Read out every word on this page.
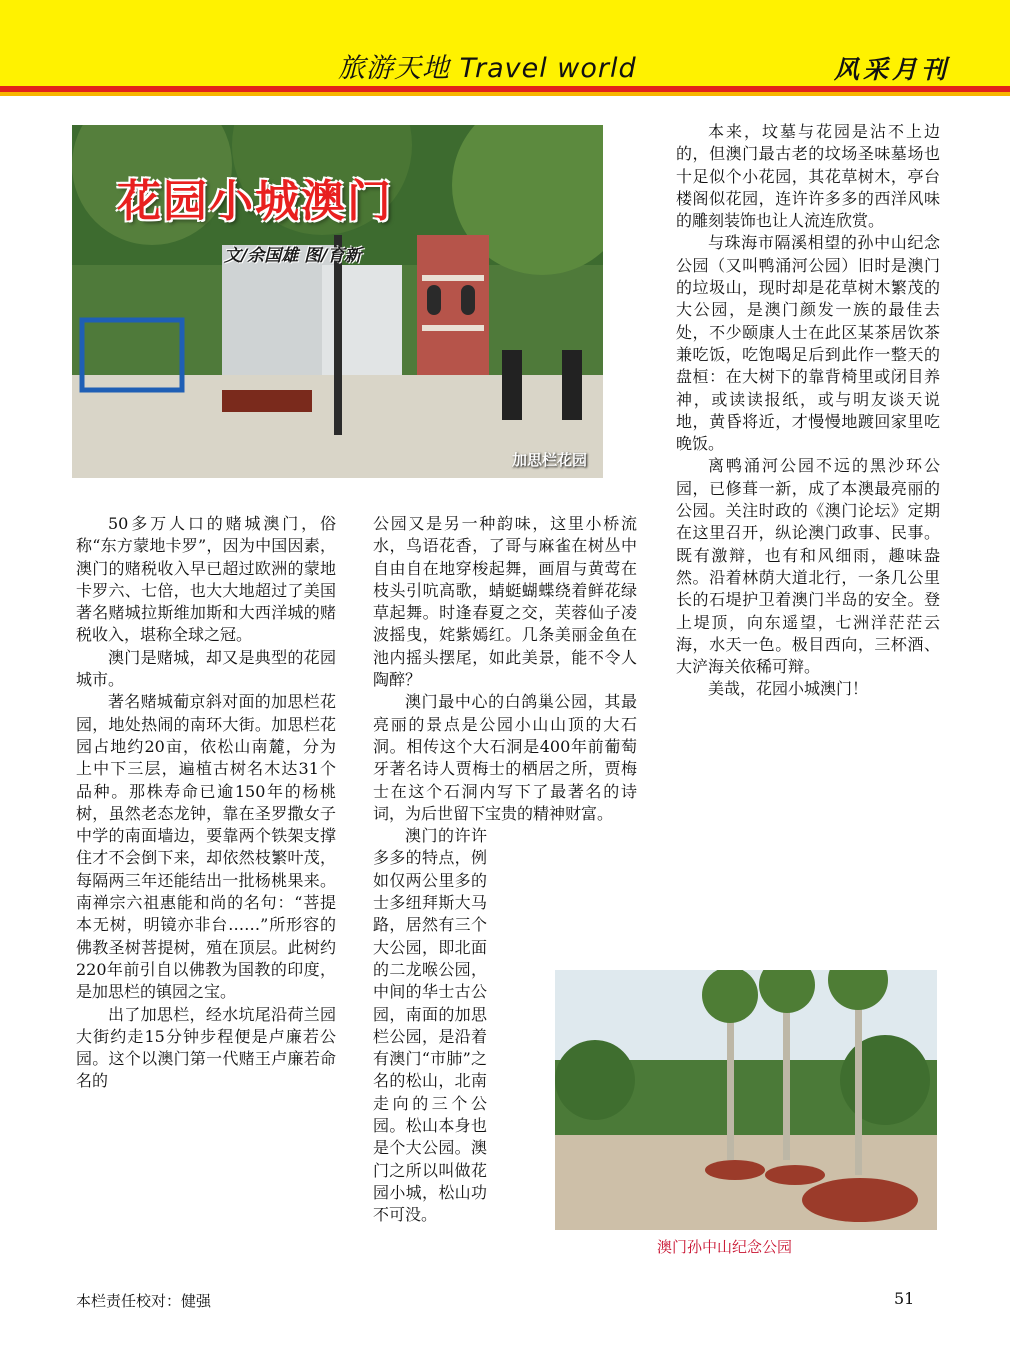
旅游天地 Travel world	风采月刊
花园小城澳门
文/余国雄 图/育新
加思栏花园

50多万人口的赌城澳门，俗称“东方蒙地卡罗”，因为中国因素，澳门的赌税收入早已超过欧洲的蒙地卡罗六、七倍，也大大地超过了美国著名赌城拉斯维加斯和大西洋城的赌税收入，堪称全球之冠。

澳门是赌城，却又是典型的花园城市。

著名赌城葡京斜对面的加思栏花园，地处热闹的南环大街。加思栏花园占地约20亩，依松山南麓，分为上中下三层，遍植古树名木达31个品种。那株寿命已逾150年的杨桃树，虽然老态龙钟，靠在圣罗撒女子中学的南面墙边，要靠两个铁架支撑住才不会倒下来，却依然枝繁叶茂，每隔两三年还能结出一批杨桃果来。南禅宗六祖惠能和尚的名句：“菩提本无树，明镜亦非台……”所形容的佛教圣树菩提树，殖在顶层。此树约220年前引自以佛教为国教的印度，是加思栏的镇园之宝。

出了加思栏，经水坑尾沿荷兰园大街约走15分钟步程便是卢廉若公园。这个以澳门第一代赌王卢廉若命名的

公园又是另一种韵味，这里小桥流水，鸟语花香，了哥与麻雀在树丛中自由自在地穿梭起舞，画眉与黄莺在枝头引吭高歌，蜻蜓蝴蝶绕着鲜花绿草起舞。时逢春夏之交，芙蓉仙子凌波摇曳，姹紫嫣红。几条美丽金鱼在池内摇头摆尾，如此美景，能不令人陶醉？

澳门最中心的白鸽巢公园，其最亮丽的景点是公园小山山顶的大石洞。相传这个大石洞是400年前葡萄牙著名诗人贾梅士的栖居之所，贾梅士在这个石洞内写下了最著名的诗词，为后世留下宝贵的精神财富。

澳门的许许多多的特点，例如仅两公里多的士多纽拜斯大马路，居然有三个大公园，即北面的二龙喉公园，中间的华士古公园，南面的加思栏公园，是沿着有澳门“市肺”之名的松山，北南走向的三个公园。松山本身也是个大公园。澳门之所以叫做花园小城，松山功不可没。

本来，坟墓与花园是沾不上边的，但澳门最古老的坟场圣味墓场也十足似个小花园，其花草树木，亭台楼阁似花园，连许许多多的西洋风味的雕刻装饰也让人流连欣赏。

与珠海市隔溪相望的孙中山纪念公园（又叫鸭涌河公园）旧时是澳门的垃圾山，现时却是花草树木繁茂的大公园，是澳门颜发一族的最佳去处，不少颐康人士在此区某茶居饮茶兼吃饭，吃饱喝足后到此作一整天的盘桓：在大树下的靠背椅里或闭目养神，或读读报纸，或与明友谈天说地，黄昏将近，才慢慢地踱回家里吃晚饭。

离鸭涌河公园不远的黑沙环公园，已修葺一新，成了本澳最亮丽的公园。关注时政的《澳门论坛》定期在这里召开，纵论澳门政事、民事。既有激辩，也有和风细雨，趣味盎然。沿着林荫大道北行，一条几公里长的石堤护卫着澳门半岛的安全。登上堤顶，向东遥望，七洲洋茫茫云海，水天一色。极目西向，三杯酒、大浐海关依稀可辩。

美哉，花园小城澳门！

澳门孙中山纪念公园
本栏责任校对：健强	51
